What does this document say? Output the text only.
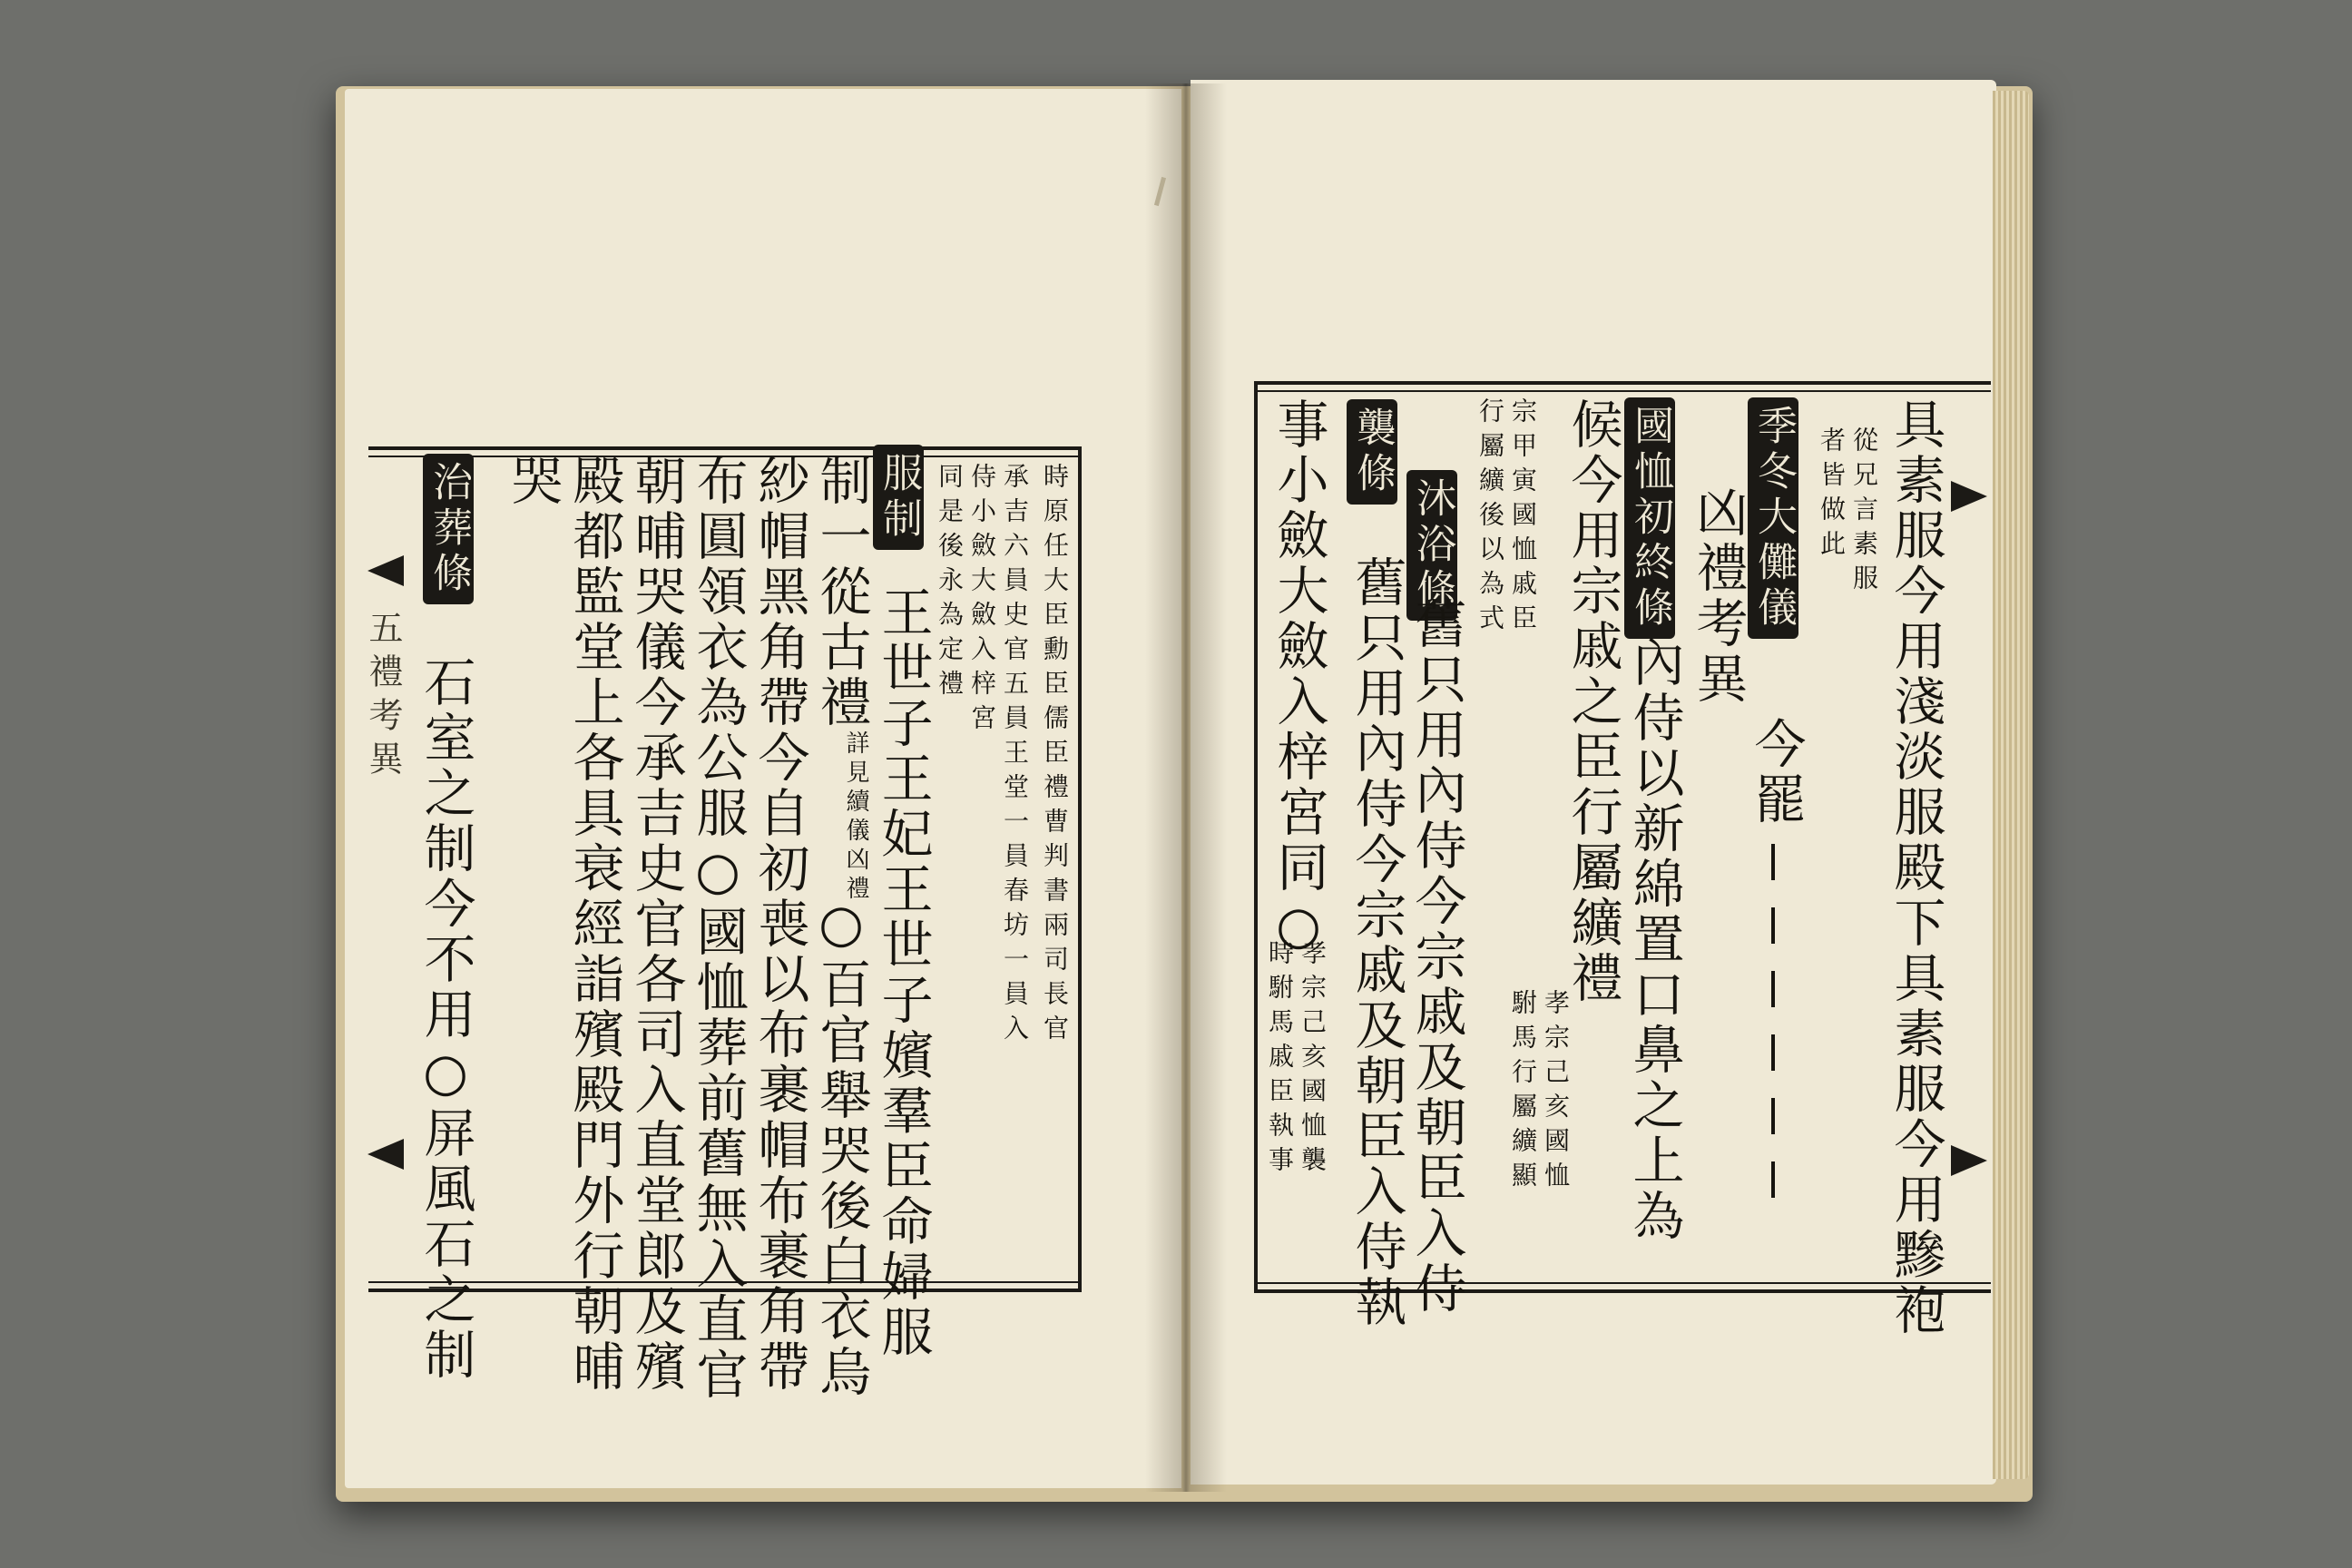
五禮考異	時原任大臣勳臣儒臣禮曹判書兩司長官
承吉六員史官五員王堂一員春坊一員入
侍小斂大斂入梓宮
同是後永為定禮
服制
王世子王妃王世子嬪羣臣命婦服
制一從古禮
詳見續儀凶禮
○百官舉哭後白衣烏
紗帽黑角帶今自初喪以布裹帽布裹角帶
布圓領衣為公服○國恤葬前舊無入直官
朝晡哭儀今承吉史官各司入直堂郎及殯
殿都監堂上各具衰經詣殯殿門外行朝晡
哭
治葬條
石室之制今不用○屏風石之制	具素服今用淺淡服殿下具素服今用黲袍
從兄言素服
者皆做此
季冬大儺儀
今罷
凶禮考異
國恤初終條
內侍以新綿置口鼻之上為
候今用宗戚之臣行屬纊禮
孝宗己亥國恤
宗甲寅國恤戚臣
駙馬行屬纊顯
行屬纊後以為式
沐浴條
舊只用內侍今宗戚及朝臣入侍
襲條
舊只用內侍今宗戚及朝臣入侍執
事小斂大斂入梓宮同○
孝宗己亥國恤襲
時駙馬戚臣執事
